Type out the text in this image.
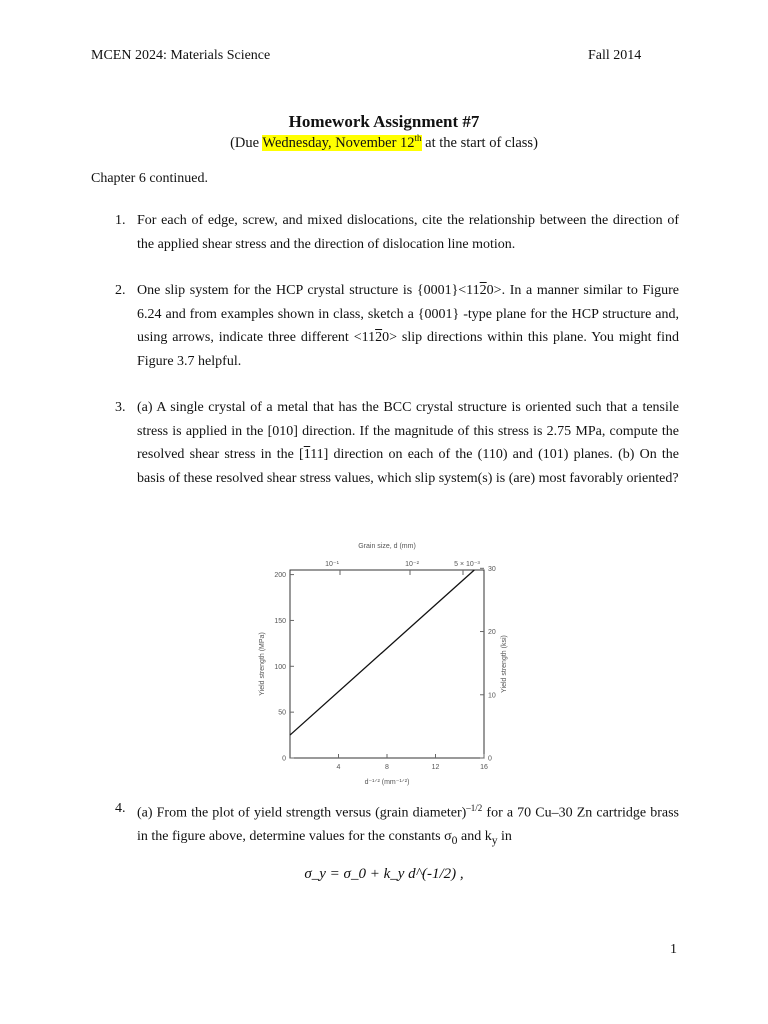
MCEN 2024: Materials Science	Fall 2014
Homework Assignment #7
(Due Wednesday, November 12th at the start of class)
Chapter 6 continued.
1. For each of edge, screw, and mixed dislocations, cite the relationship between the direction of the applied shear stress and the direction of dislocation line motion.
2. One slip system for the HCP crystal structure is {0001}<1120>. In a manner similar to Figure 6.24 and from examples shown in class, sketch a {0001} -type plane for the HCP structure and, using arrows, indicate three different <1120> slip directions within this plane. You might find Figure 3.7 helpful.
3. (a) A single crystal of a metal that has the BCC crystal structure is oriented such that a tensile stress is applied in the [010] direction. If the magnitude of this stress is 2.75 MPa, compute the resolved shear stress in the [111] direction on each of the (110) and (101) planes. (b) On the basis of these resolved shear stress values, which slip system(s) is (are) most favorably oriented?
Grain size, d (mm)
10⁻¹	10⁻²	5 × 10⁻³
Yield strength (MPa)	Yield strength (ksi)
d⁻¹ᐟ² (mm⁻¹ᐟ²)
200
150
100
50
0
30
20
10
0
4	8	12	16
4. (a) From the plot of yield strength versus (grain diameter)$^{-1/2}$ for a 70 Cu–30 Zn cartridge brass in the figure above, determine values for the constants $\sigma_0$ and $k_y$ in
σ_y = σ_0 + k_y d^(-1/2) ,
1
